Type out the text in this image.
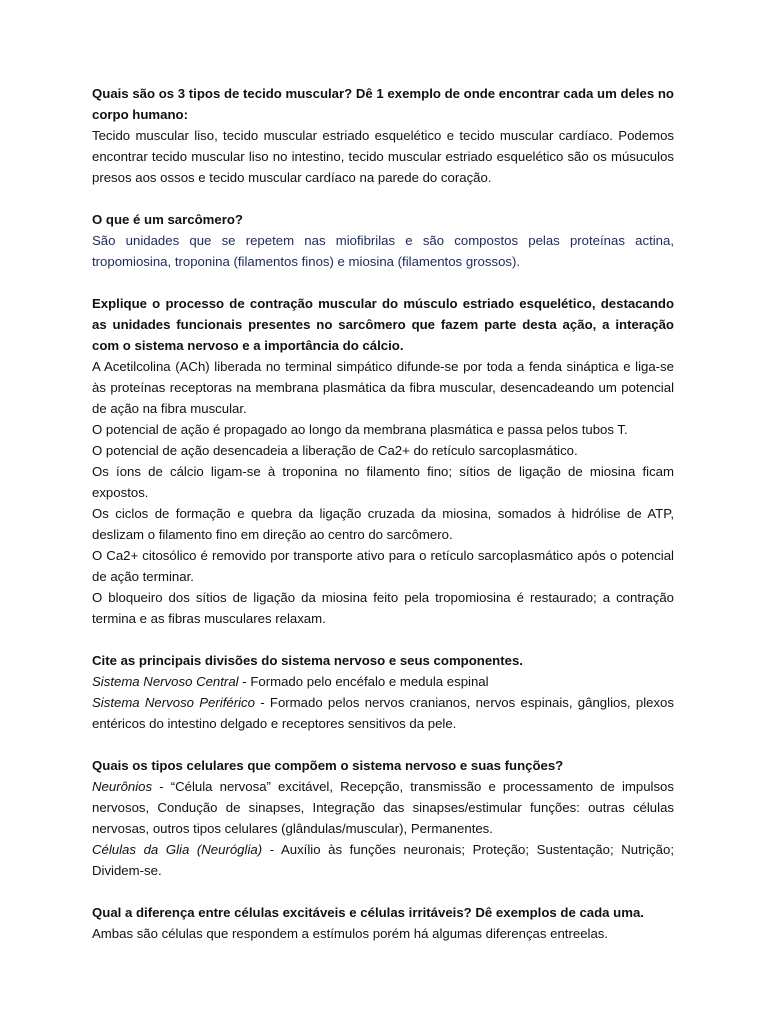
Quais são os 3 tipos de tecido muscular? Dê 1 exemplo de onde encontrar cada um deles no corpo humano:

Tecido muscular liso, tecido muscular estriado esquelético e tecido muscular cardíaco. Podemos encontrar tecido muscular liso no intestino, tecido muscular estriado esquelético são os músuculos presos aos ossos e tecido muscular cardíaco na parede do coração.

O que é um sarcômero?

São unidades que se repetem nas miofibrilas e são compostos pelas proteínas actina, tropomiosina, troponina (filamentos finos) e miosina (filamentos grossos).

Explique o processo de contração muscular do músculo estriado esquelético, destacando as unidades funcionais presentes no sarcômero que fazem parte desta ação, a interação com o sistema nervoso e a importância do cálcio.

A Acetilcolina (ACh) liberada no terminal simpático difunde-se por toda a fenda sináptica e liga-se às proteínas receptoras na membrana plasmática da fibra muscular, desencadeando um potencial de ação na fibra muscular.

O potencial de ação é propagado ao longo da membrana plasmática e passa pelos tubos T.

O potencial de ação desencadeia a liberação de Ca2+ do retículo sarcoplasmático.

Os íons de cálcio ligam-se à troponina no filamento fino; sítios de ligação de miosina ficam expostos.

Os ciclos de formação e quebra da ligação cruzada da miosina, somados à hidrólise de ATP, deslizam o filamento fino em direção ao centro do sarcômero.

O Ca2+ citosólico é removido por transporte ativo para o retículo sarcoplasmático após o potencial de ação terminar.

O bloqueiro dos sítios de ligação da miosina feito pela tropomiosina é restaurado; a contração termina e as fibras musculares relaxam.

Cite as principais divisões do sistema nervoso e seus componentes.

Sistema Nervoso Central - Formado pelo encéfalo e medula espinal

Sistema Nervoso Periférico - Formado pelos nervos cranianos, nervos espinais, gânglios, plexos entéricos do intestino delgado e receptores sensitivos da pele.

Quais os tipos celulares que compõem o sistema nervoso e suas funções?

Neurônios - “Célula nervosa” excitável, Recepção, transmissão e processamento de impulsos nervosos, Condução de sinapses, Integração das sinapses/estimular funções: outras células nervosas, outros tipos celulares (glândulas/muscular), Permanentes.

Células da Glia (Neuróglia) - Auxílio às funções neuronais; Proteção; Sustentação; Nutrição; Dividem-se.

Qual a diferença entre células excitáveis e células irritáveis? Dê exemplos de cada uma.

Ambas são células que respondem a estímulos porém há algumas diferenças entreelas.
